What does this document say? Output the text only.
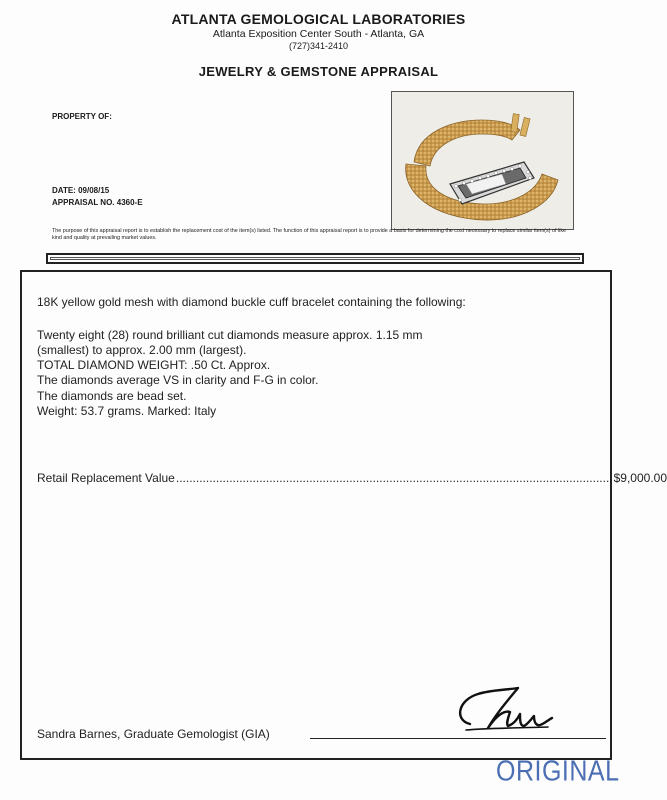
ATLANTA GEMOLOGICAL LABORATORIES
Atlanta Exposition Center South - Atlanta, GA
(727)341-2410
JEWELRY & GEMSTONE APPRAISAL
PROPERTY OF:
DATE: 09/08/15
APPRAISAL NO. 4360-E
The purpose of this appraisal report is to establish the replacement cost of the item(s) listed. The function of this appraisal report is to provide a basis for determining the cost necessary to replace similar item(s) of like kind and quality at prevailing market values.
18K yellow gold mesh with diamond buckle cuff bracelet containing the following:
Twenty eight (28) round brilliant cut diamonds measure approx. 1.15 mm
(smallest) to approx. 2.00 mm (largest).
TOTAL DIAMOND WEIGHT: .50 Ct. Approx.
The diamonds average VS in clarity and F-G in color.
The diamonds are bead set.
Weight: 53.7 grams. Marked: Italy
Retail Replacement Value ................................................................................................................................... $9,000.00
Sandra Barnes, Graduate Gemologist (GIA)
ORIGINAL
